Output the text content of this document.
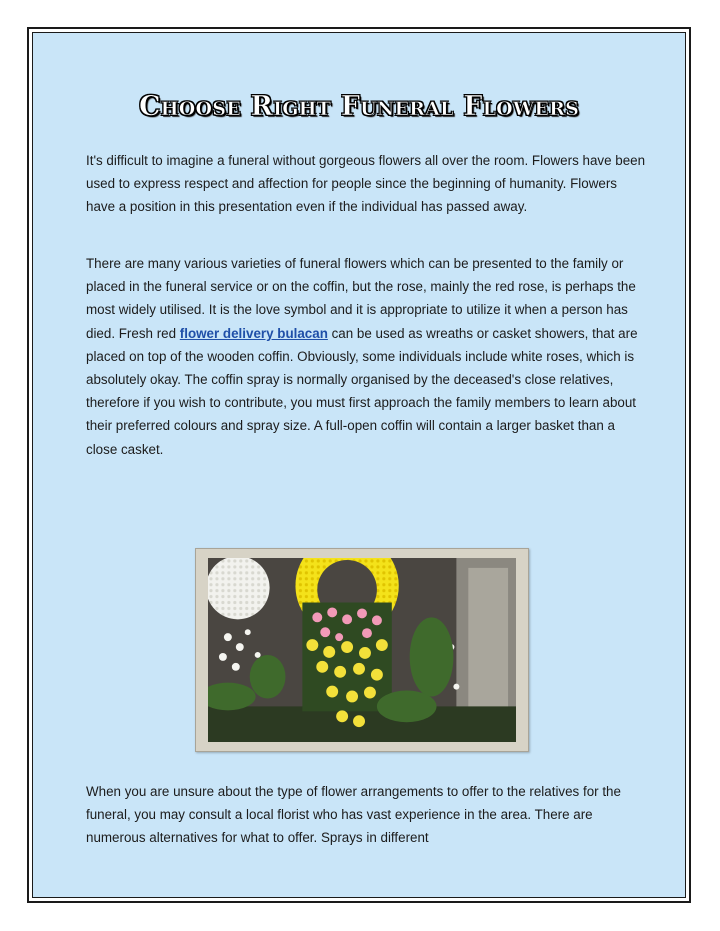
Choose Right Funeral Flowers

It's difficult to imagine a funeral without gorgeous flowers all over the room. Flowers have been used to express respect and affection for people since the beginning of humanity. Flowers have a position in this presentation even if the individual has passed away.

There are many various varieties of funeral flowers which can be presented to the family or placed in the funeral service or on the coffin, but the rose, mainly the red rose, is perhaps the most widely utilised. It is the love symbol and it is appropriate to utilize it when a person has died. Fresh red flower delivery bulacan can be used as wreaths or casket showers, that are placed on top of the wooden coffin. Obviously, some individuals include white roses, which is absolutely okay. The coffin spray is normally organised by the deceased's close relatives, therefore if you wish to contribute, you must first approach the family members to learn about their preferred colours and spray size. A full-open coffin will contain a larger basket than a close casket.

When you are unsure about the type of flower arrangements to offer to the relatives for the funeral, you may consult a local florist who has vast experience in the area. There are numerous alternatives for what to offer. Sprays in different
